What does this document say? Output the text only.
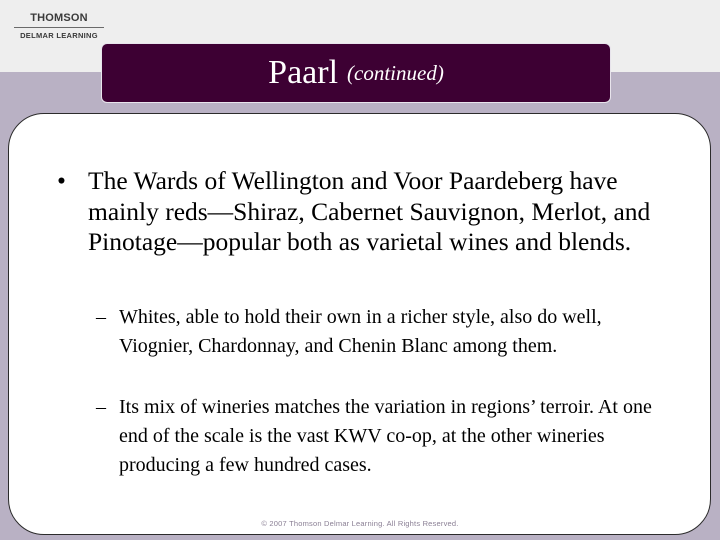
THOMSON
DELMAR LEARNING
Paarl (continued)
• The Wards of Wellington and Voor Paardeberg have mainly reds—Shiraz, Cabernet Sauvignon, Merlot, and Pinotage—popular both as varietal wines and blends.
– Whites, able to hold their own in a richer style, also do well, Viognier, Chardonnay, and Chenin Blanc among them.
– Its mix of wineries matches the variation in regions’ terroir. At one end of the scale is the vast KWV co-op, at the other wineries producing a few hundred cases.
© 2007 Thomson Delmar Learning. All Rights Reserved.
